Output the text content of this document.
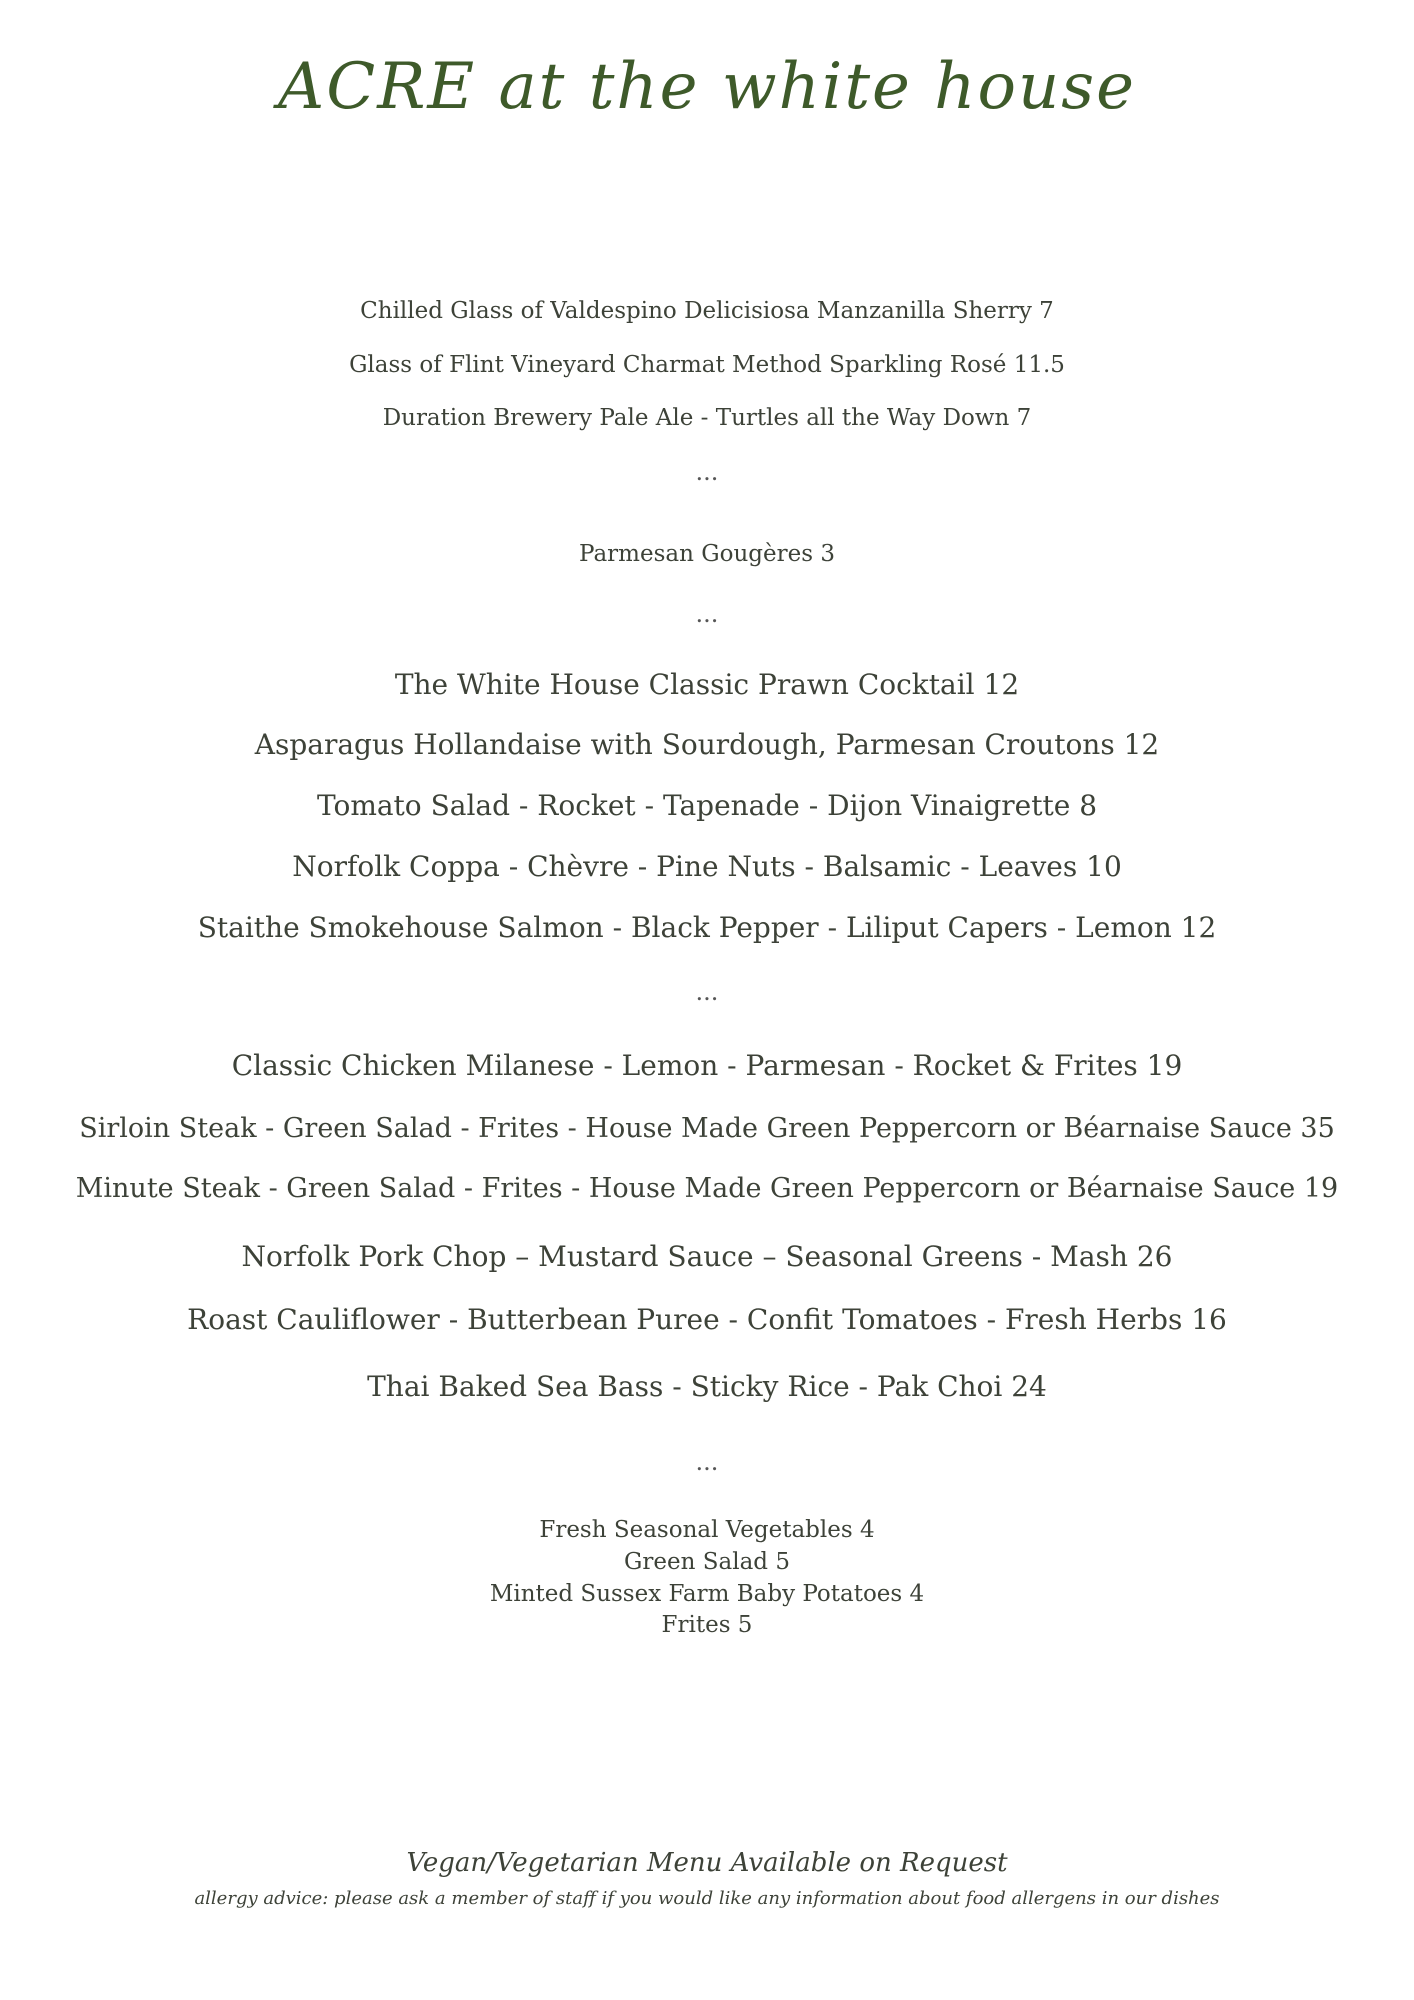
ACRE at the white house

Chilled Glass of Valdespino Delicisiosa Manzanilla Sherry 7

Glass of Flint Vineyard Charmat Method Sparkling Rosé 11.5

Duration Brewery Pale Ale - Turtles all the Way Down 7

...

Parmesan Gougères 3

...

The White House Classic Prawn Cocktail 12

Asparagus Hollandaise with Sourdough, Parmesan Croutons 12

Tomato Salad - Rocket - Tapenade - Dijon Vinaigrette 8

Norfolk Coppa - Chèvre - Pine Nuts - Balsamic - Leaves 10

Staithe Smokehouse Salmon - Black Pepper - Liliput Capers - Lemon 12

...

Classic Chicken Milanese - Lemon - Parmesan - Rocket & Frites 19

Sirloin Steak - Green Salad - Frites - House Made Green Peppercorn or Béarnaise Sauce 35

Minute Steak - Green Salad - Frites - House Made Green Peppercorn or Béarnaise Sauce 19

Norfolk Pork Chop – Mustard Sauce – Seasonal Greens - Mash 26

Roast Cauliflower - Butterbean Puree - Confit Tomatoes - Fresh Herbs 16

Thai Baked Sea Bass - Sticky Rice - Pak Choi 24

...

Fresh Seasonal Vegetables 4

Green Salad 5

Minted Sussex Farm Baby Potatoes 4

Frites 5

Vegan/Vegetarian Menu Available on Request

allergy advice: please ask a member of staff if you would like any information about food allergens in our dishes
